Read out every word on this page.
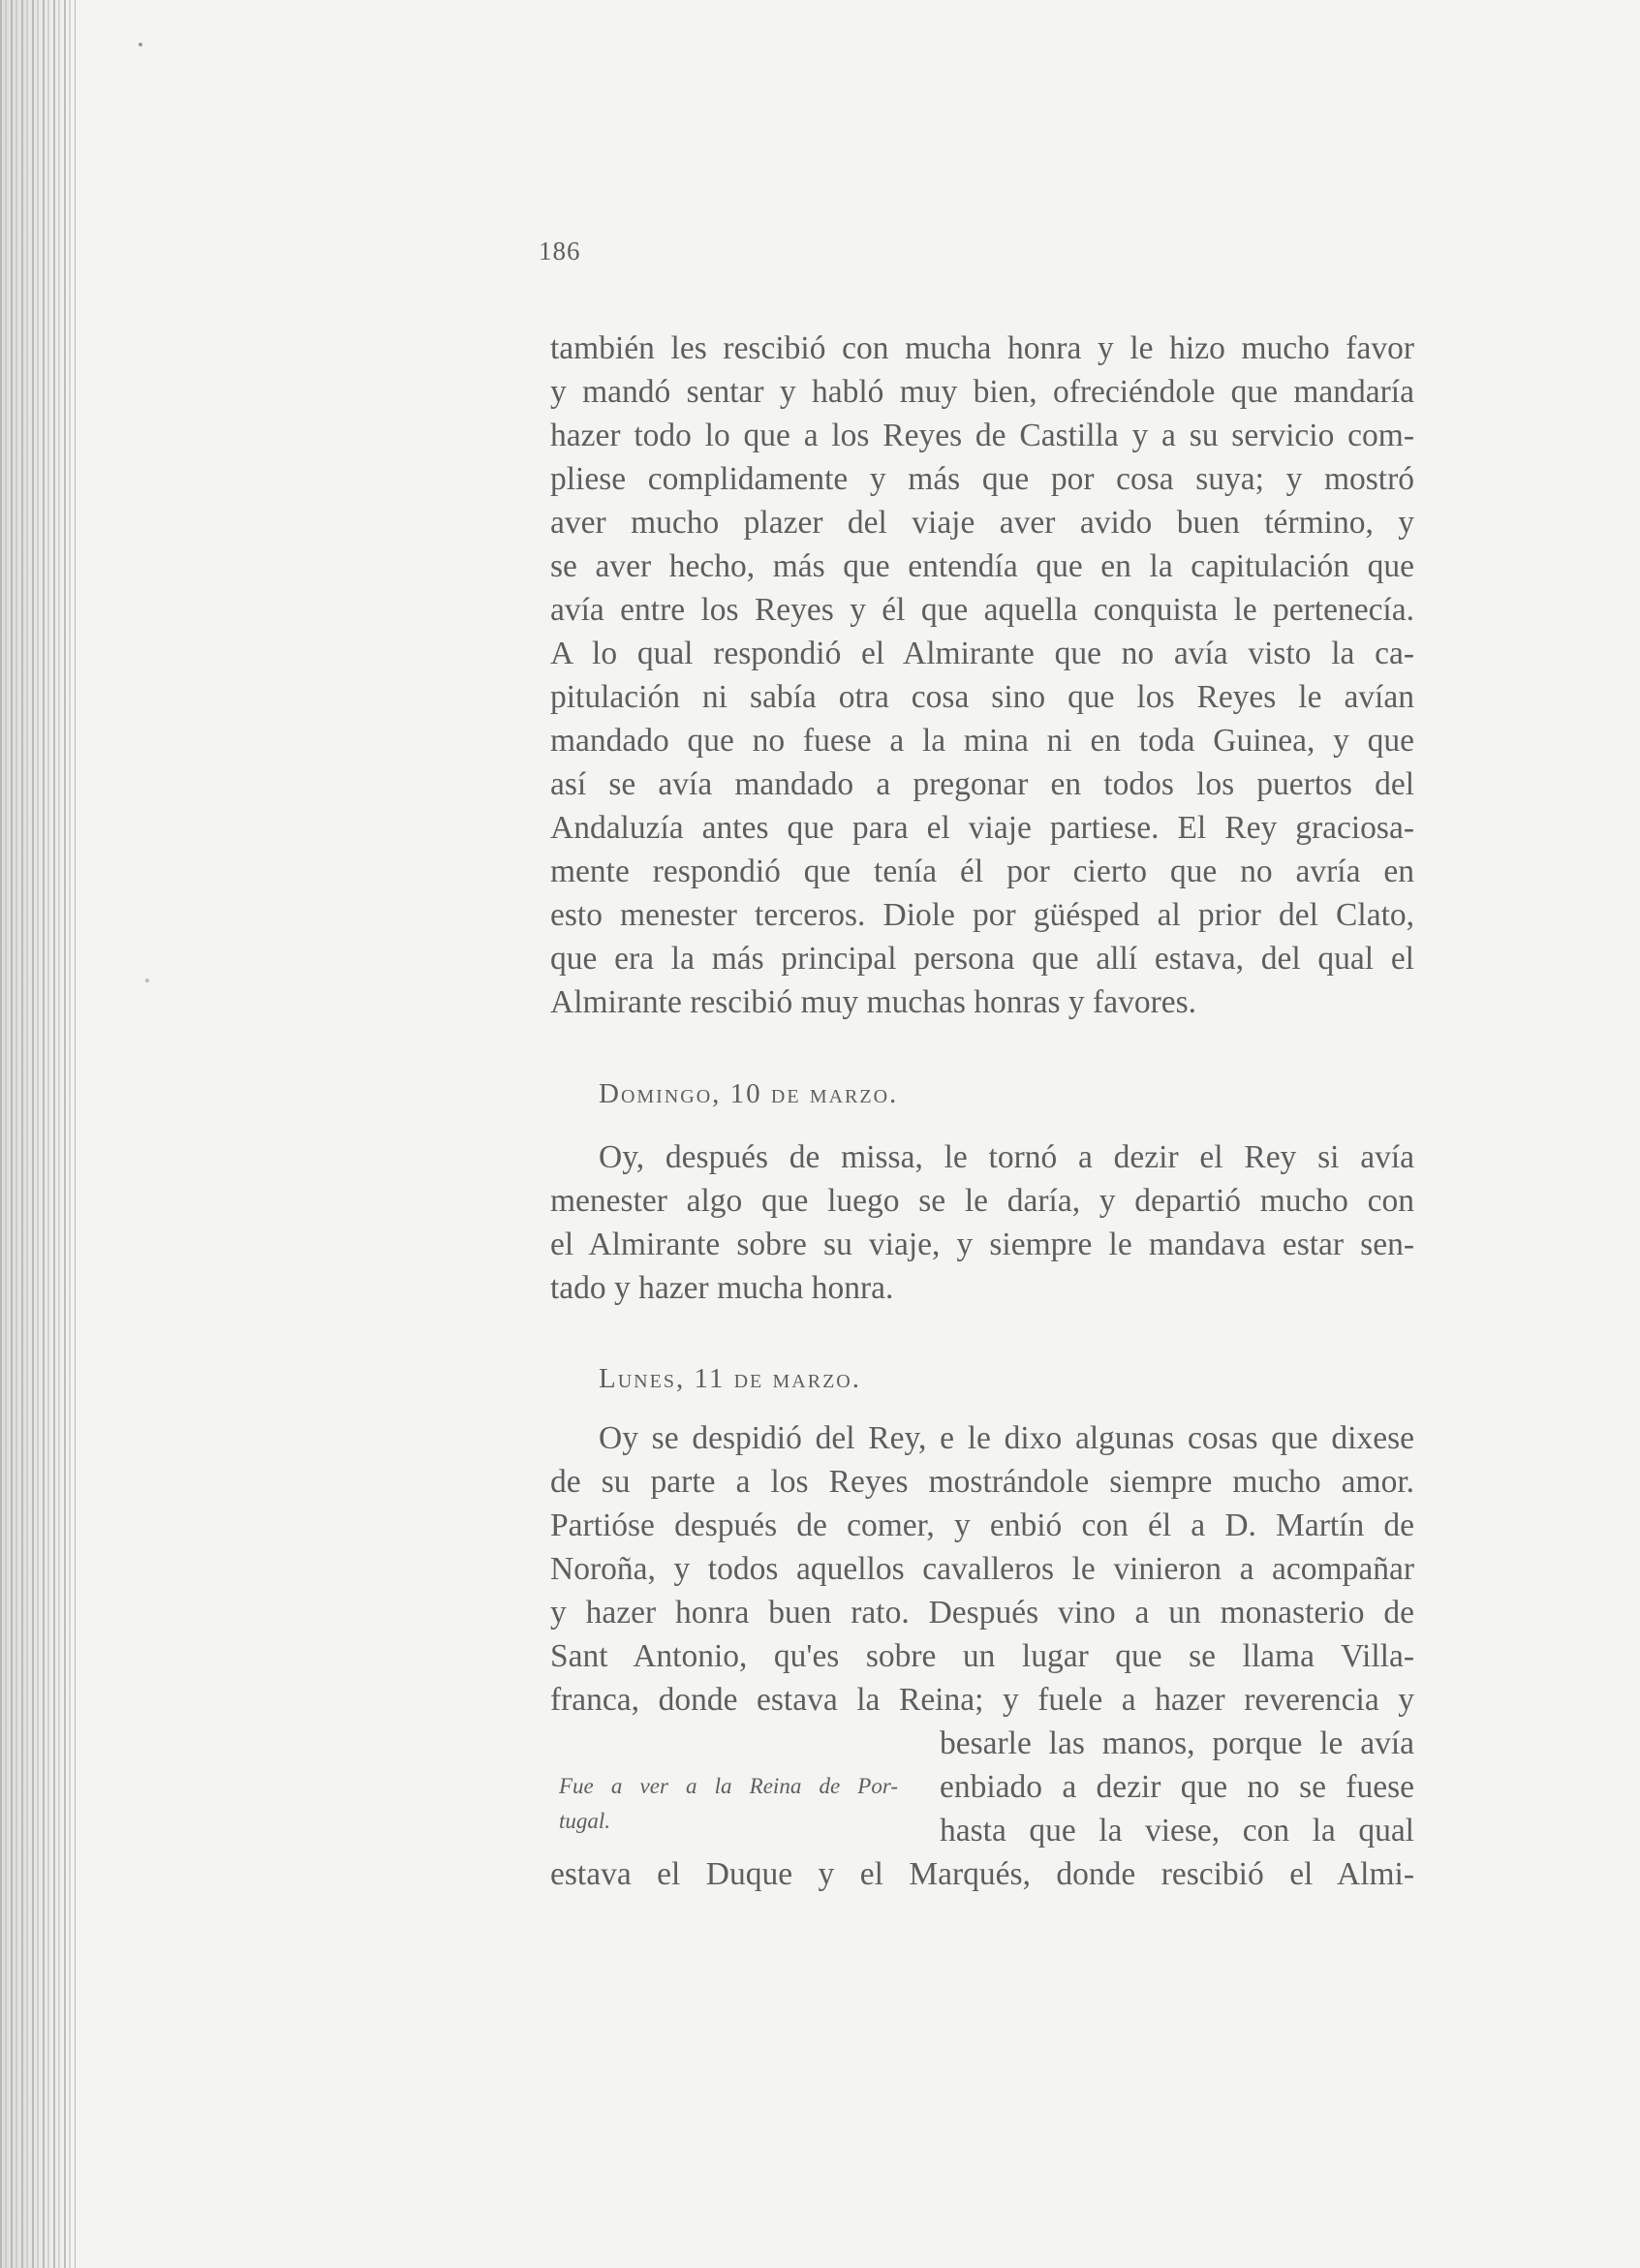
186
también les rescibió con mucha honra y le hizo mucho favor
y mandó sentar y habló muy bien, ofreciéndole que mandaría
hazer todo lo que a los Reyes de Castilla y a su servicio com-
pliese complidamente y más que por cosa suya; y mostró
aver mucho plazer del viaje aver avido buen término, y
se aver hecho, más que entendía que en la capitulación que
avía entre los Reyes y él que aquella conquista le pertenecía.
A lo qual respondió el Almirante que no avía visto la ca-
pitulación ni sabía otra cosa sino que los Reyes le avían
mandado que no fuese a la mina ni en toda Guinea, y que
así se avía mandado a pregonar en todos los puertos del
Andaluzía antes que para el viaje partiese. El Rey graciosa-
mente respondió que tenía él por cierto que no avría en
esto menester terceros. Diole por güésped al prior del Clato,
que era la más principal persona que allí estava, del qual el
Almirante rescibió muy muchas honras y favores.
Domingo, 10 de marzo.
Oy, después de missa, le tornó a dezir el Rey si avía
menester algo que luego se le daría, y departió mucho con
el Almirante sobre su viaje, y siempre le mandava estar sen-
tado y hazer mucha honra.
Lunes, 11 de marzo.
Oy se despidió del Rey, e le dixo algunas cosas que dixese
de su parte a los Reyes mostrándole siempre mucho amor.
Partióse después de comer, y enbió con él a D. Martín de
Noroña, y todos aquellos cavalleros le vinieron a acompañar
y hazer honra buen rato. Después vino a un monasterio de
Sant Antonio, qu'es sobre un lugar que se llama Villa-
franca, donde estava la Reina; y fuele a hazer reverencia y
besarle las manos, porque le avía
enbiado a dezir que no se fuese
hasta que la viese, con la qual
Fue a ver a la Reina de Por-
tugal.
estava el Duque y el Marqués, donde rescibió el Almi-
